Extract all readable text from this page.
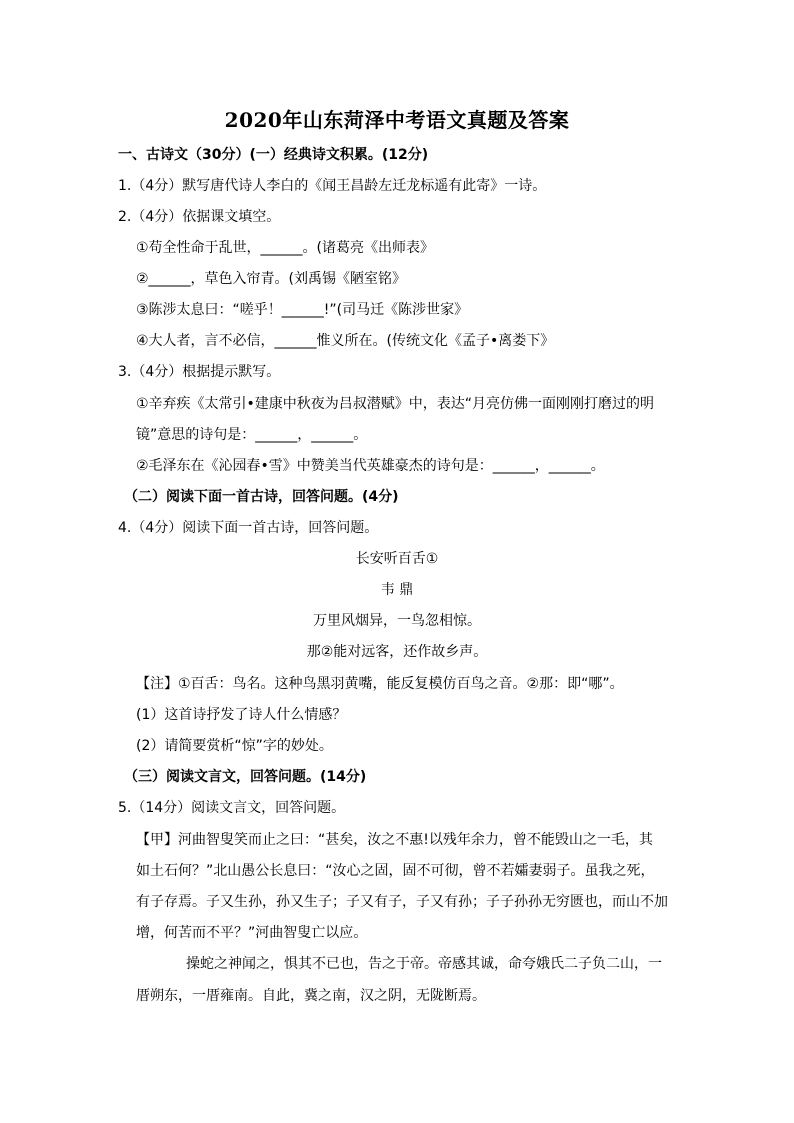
2020年山东菏泽中考语文真题及答案
一、古诗文（30分）(一）经典诗文积累。(12分)
1.（4分）默写唐代诗人李白的《闻王昌龄左迁龙标遥有此寄》一诗。
2.（4分）依据课文填空。
①苟全性命于乱世，______。(诸葛亮《出师表》
②______，草色入帘青。(刘禹锡《陋室铭》
③陈涉太息曰：“嗟乎！______!”(司马迁《陈涉世家》
④大人者，言不必信，______惟义所在。(传统文化《孟子•离娄下》
3.（4分）根据提示默写。
①辛弃疾《太常引•建康中秋夜为吕叔潜赋》中，表达“月亮仿佛一面刚刚打磨过的明
镜”意思的诗句是：______，______。
②毛泽东在《沁园春•雪》中赞美当代英雄豪杰的诗句是：______，______。
（二）阅读下面一首古诗，回答问题。(4分)
4.（4分）阅读下面一首古诗，回答问题。
长安听百舌①
韦 鼎
万里风烟异，一鸟忽相惊。
那②能对远客，还作故乡声。
【注】①百舌：鸟名。这种鸟黑羽黄嘴，能反复模仿百鸟之音。②那：即“哪”。
(1）这首诗抒发了诗人什么情感？
(2）请简要赏析“惊”字的妙处。
（三）阅读文言文，回答问题。(14分)
5.（14分）阅读文言文，回答问题。
【甲】河曲智叟笑而止之曰：“甚矣，汝之不惠!以残年余力，曾不能毁山之一毛，其
如土石何？”北山愚公长息曰：“汝心之固，固不可彻，曾不若孀妻弱子。虽我之死，
有子存焉。子又生孙，孙又生子；子又有子，子又有孙；子子孙孙无穷匮也，而山不加
增，何苦而不平？”河曲智叟亡以应。
操蛇之神闻之，惧其不已也，告之于帝。帝感其诚，命夸娥氏二子负二山，一
厝朔东，一厝雍南。自此，冀之南，汉之阴，无陇断焉。
